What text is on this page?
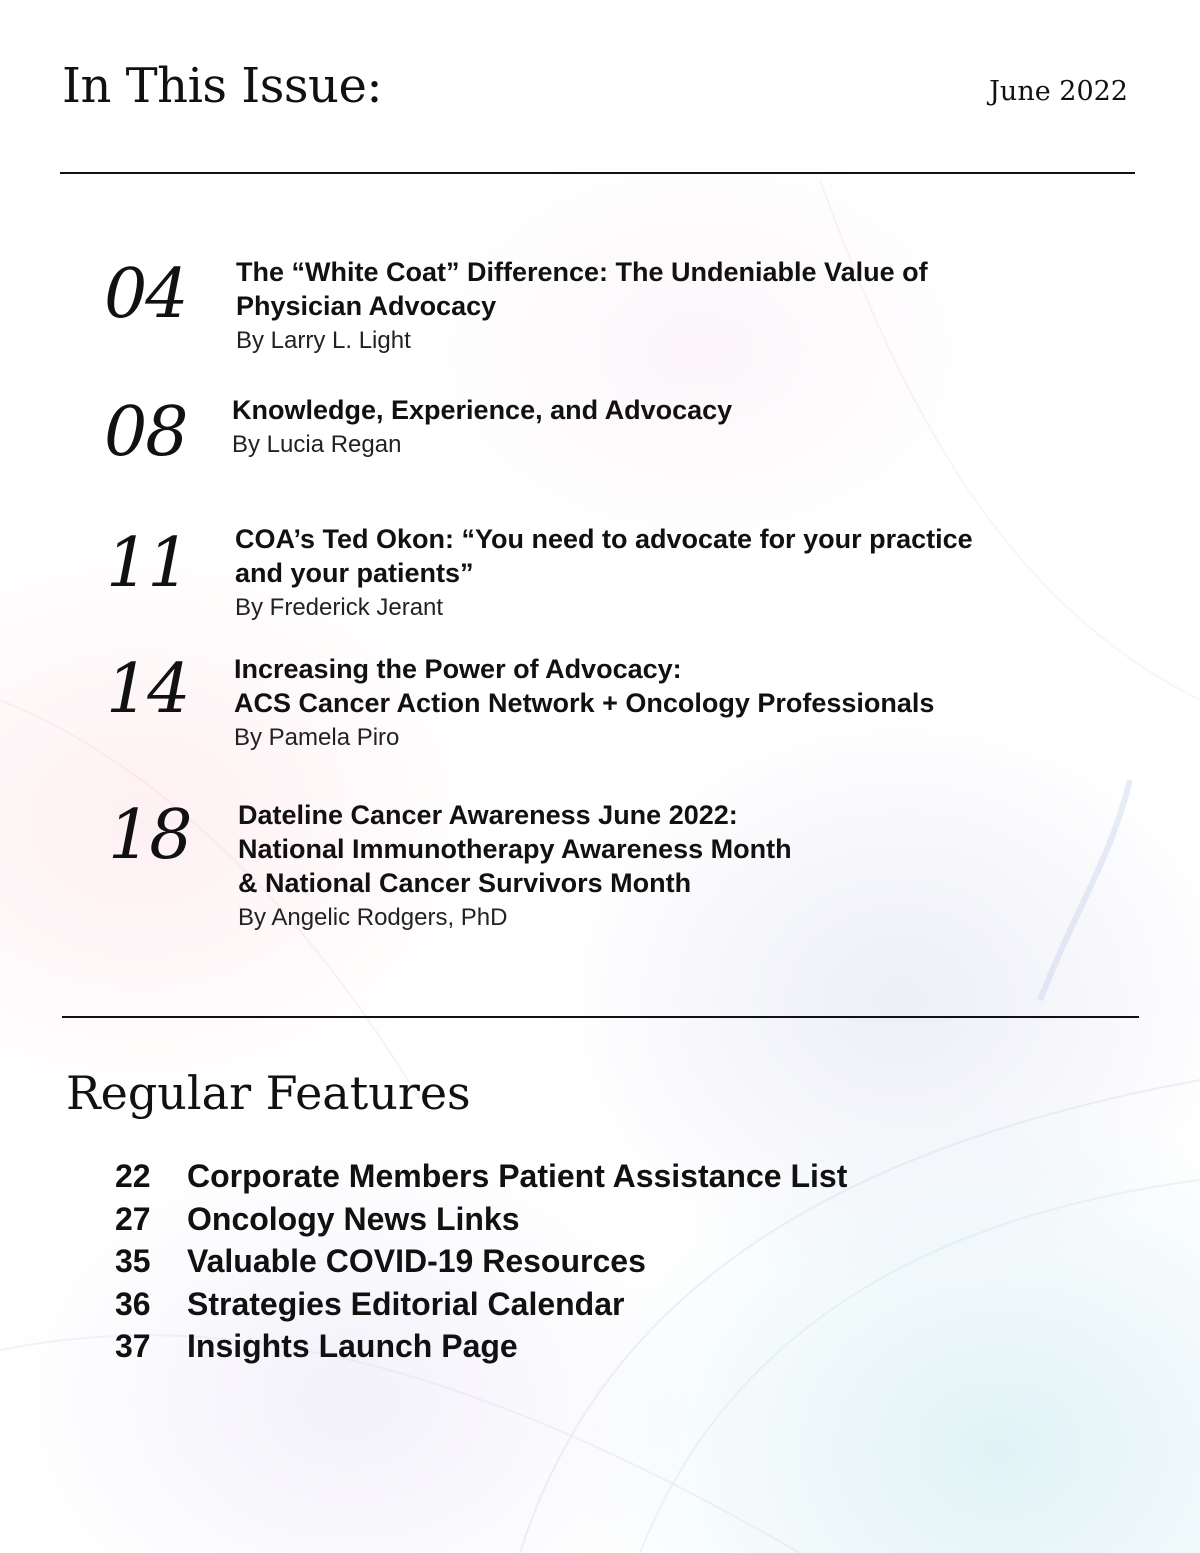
In This Issue:	June 2022
04 The “White Coat” Difference: The Undeniable Value of
Physician Advocacy
By Larry L. Light
08 Knowledge, Experience, and Advocacy
By Lucia Regan
11 COA’s Ted Okon: “You need to advocate for your practice
and your patients”
By Frederick Jerant
14 Increasing the Power of Advocacy:
ACS Cancer Action Network + Oncology Professionals
By Pamela Piro
18 Dateline Cancer Awareness June 2022:
National Immunotherapy Awareness Month
& National Cancer Survivors Month
By Angelic Rodgers, PhD
Regular Features
22 Corporate Members Patient Assistance List
27 Oncology News Links
35 Valuable COVID-19 Resources
36 Strategies Editorial Calendar
37 Insights Launch Page
